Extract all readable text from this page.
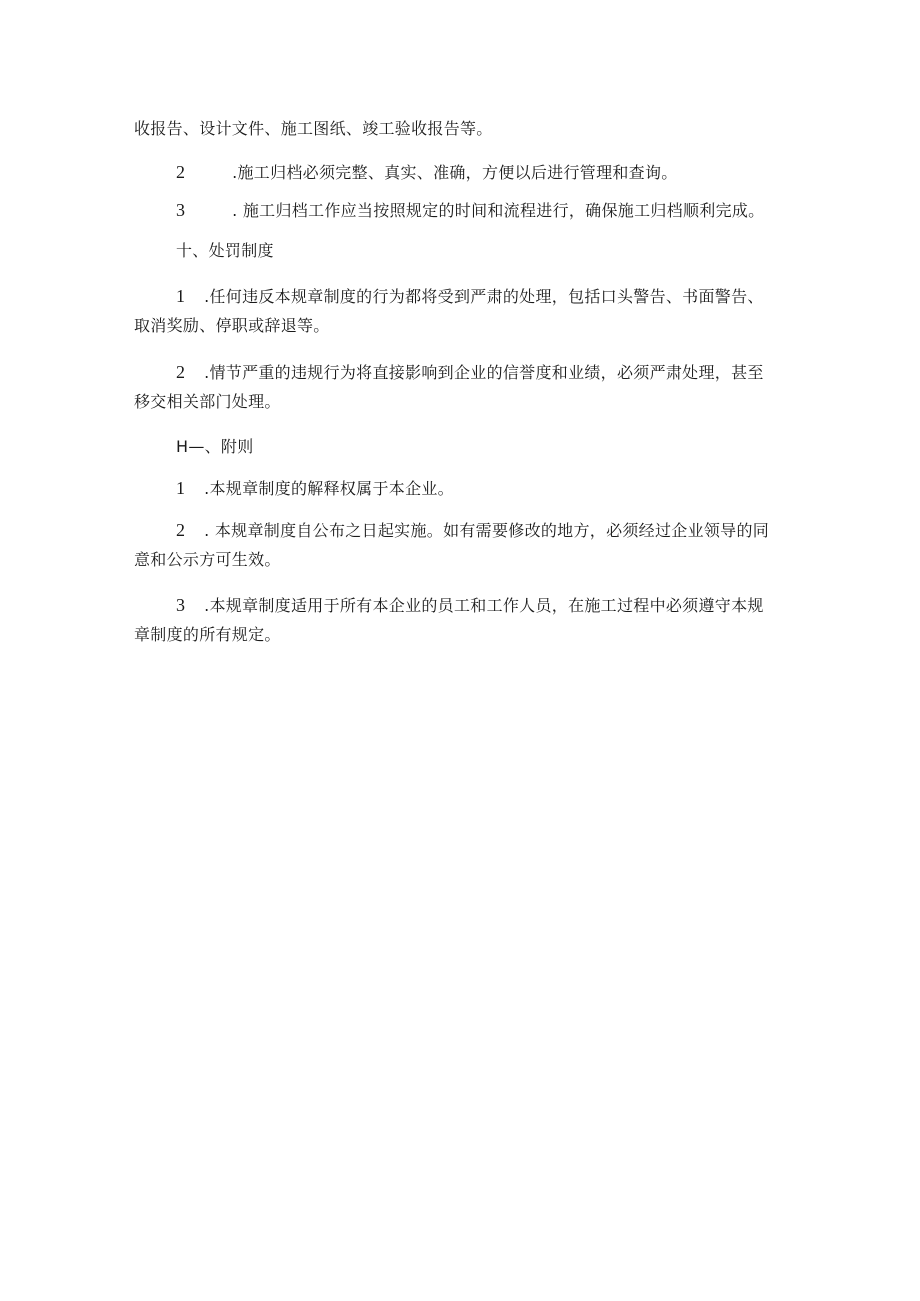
收报告、设计文件、施工图纸、竣工验收报告等。
2	.施工归档必须完整、真实、准确，方便以后进行管理和查询。
3	. 施工归档工作应当按照规定的时间和流程进行，确保施工归档顺利完成。
十、处罚制度
1 .任何违反本规章制度的行为都将受到严肃的处理，包括口头警告、书面警告、
取消奖励、停职或辞退等。
2 .情节严重的违规行为将直接影响到企业的信誉度和业绩，必须严肃处理，甚至
移交相关部门处理。
H—、附则
1 .本规章制度的解释权属于本企业。
2 . 本规章制度自公布之日起实施。如有需要修改的地方，必须经过企业领导的同
意和公示方可生效。
3 .本规章制度适用于所有本企业的员工和工作人员，在施工过程中必须遵守本规
章制度的所有规定。
